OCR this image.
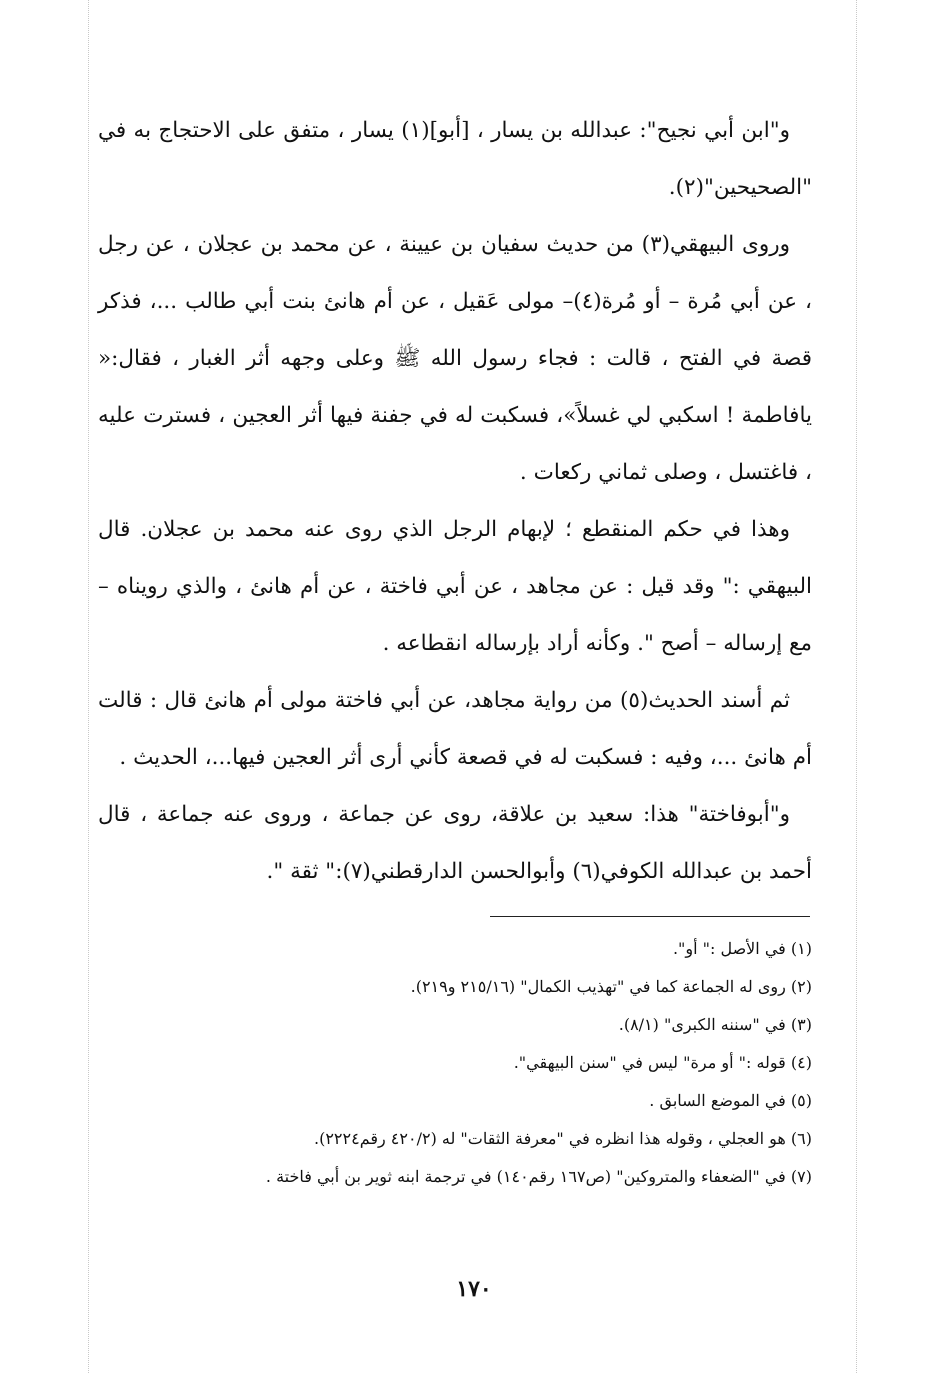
و"ابن أبي نجيح": عبدالله بن يسار ، [أبو](١) يسار ، متفق على الاحتجاج به في "الصحيحين"(٢).

وروى البيهقي(٣) من حديث سفيان بن عيينة ، عن محمد بن عجلان ، عن رجل ، عن أبي مُرة – أو مُرة(٤)– مولى عَقيل ، عن أم هانئ بنت أبي طالب ...، فذكر قصة في الفتح ، قالت : فجاء رسول الله ﷺ وعلى وجهه أثر الغبار ، فقال:« يافاطمة ! اسكبي لي غسلاً»، فسكبت له في جفنة فيها أثر العجين ، فسترت عليه ، فاغتسل ، وصلى ثماني ركعات .

وهذا في حكم المنقطع ؛ لإبهام الرجل الذي روى عنه محمد بن عجلان. قال البيهقي :" وقد قيل : عن مجاهد ، عن أبي فاختة ، عن أم هانئ ، والذي رويناه – مع إرساله – أصح ". وكأنه أراد بإرساله انقطاعه .

ثم أسند الحديث(٥) من رواية مجاهد، عن أبي فاختة مولى أم هانئ قال : قالت أم هانئ ...، وفيه : فسكبت له في قصعة كأني أرى أثر العجين فيها...، الحديث .

و"أبوفاختة" هذا: سعيد بن علاقة، روى عن جماعة ، وروى عنه جماعة ، قال أحمد بن عبدالله الكوفي(٦) وأبوالحسن الدارقطني(٧):" ثقة ".

(١) في الأصل :" أو".

(٢) روى له الجماعة كما في "تهذيب الكمال" (٢١٥/١٦ و٢١٩).

(٣) في "سننه الكبرى" (٨/١).

(٤) قوله :" أو مرة" ليس في "سنن البيهقي".

(٥) في الموضع السابق .

(٦) هو العجلي ، وقوله هذا انظره في "معرفة الثقات" له (٤٢٠/٢ رقم٢٢٢٤).

(٧) في "الضعفاء والمتروكين" (ص١٦٧ رقم١٤٠) في ترجمة ابنه ثوير بن أبي فاختة .

١٧٠
